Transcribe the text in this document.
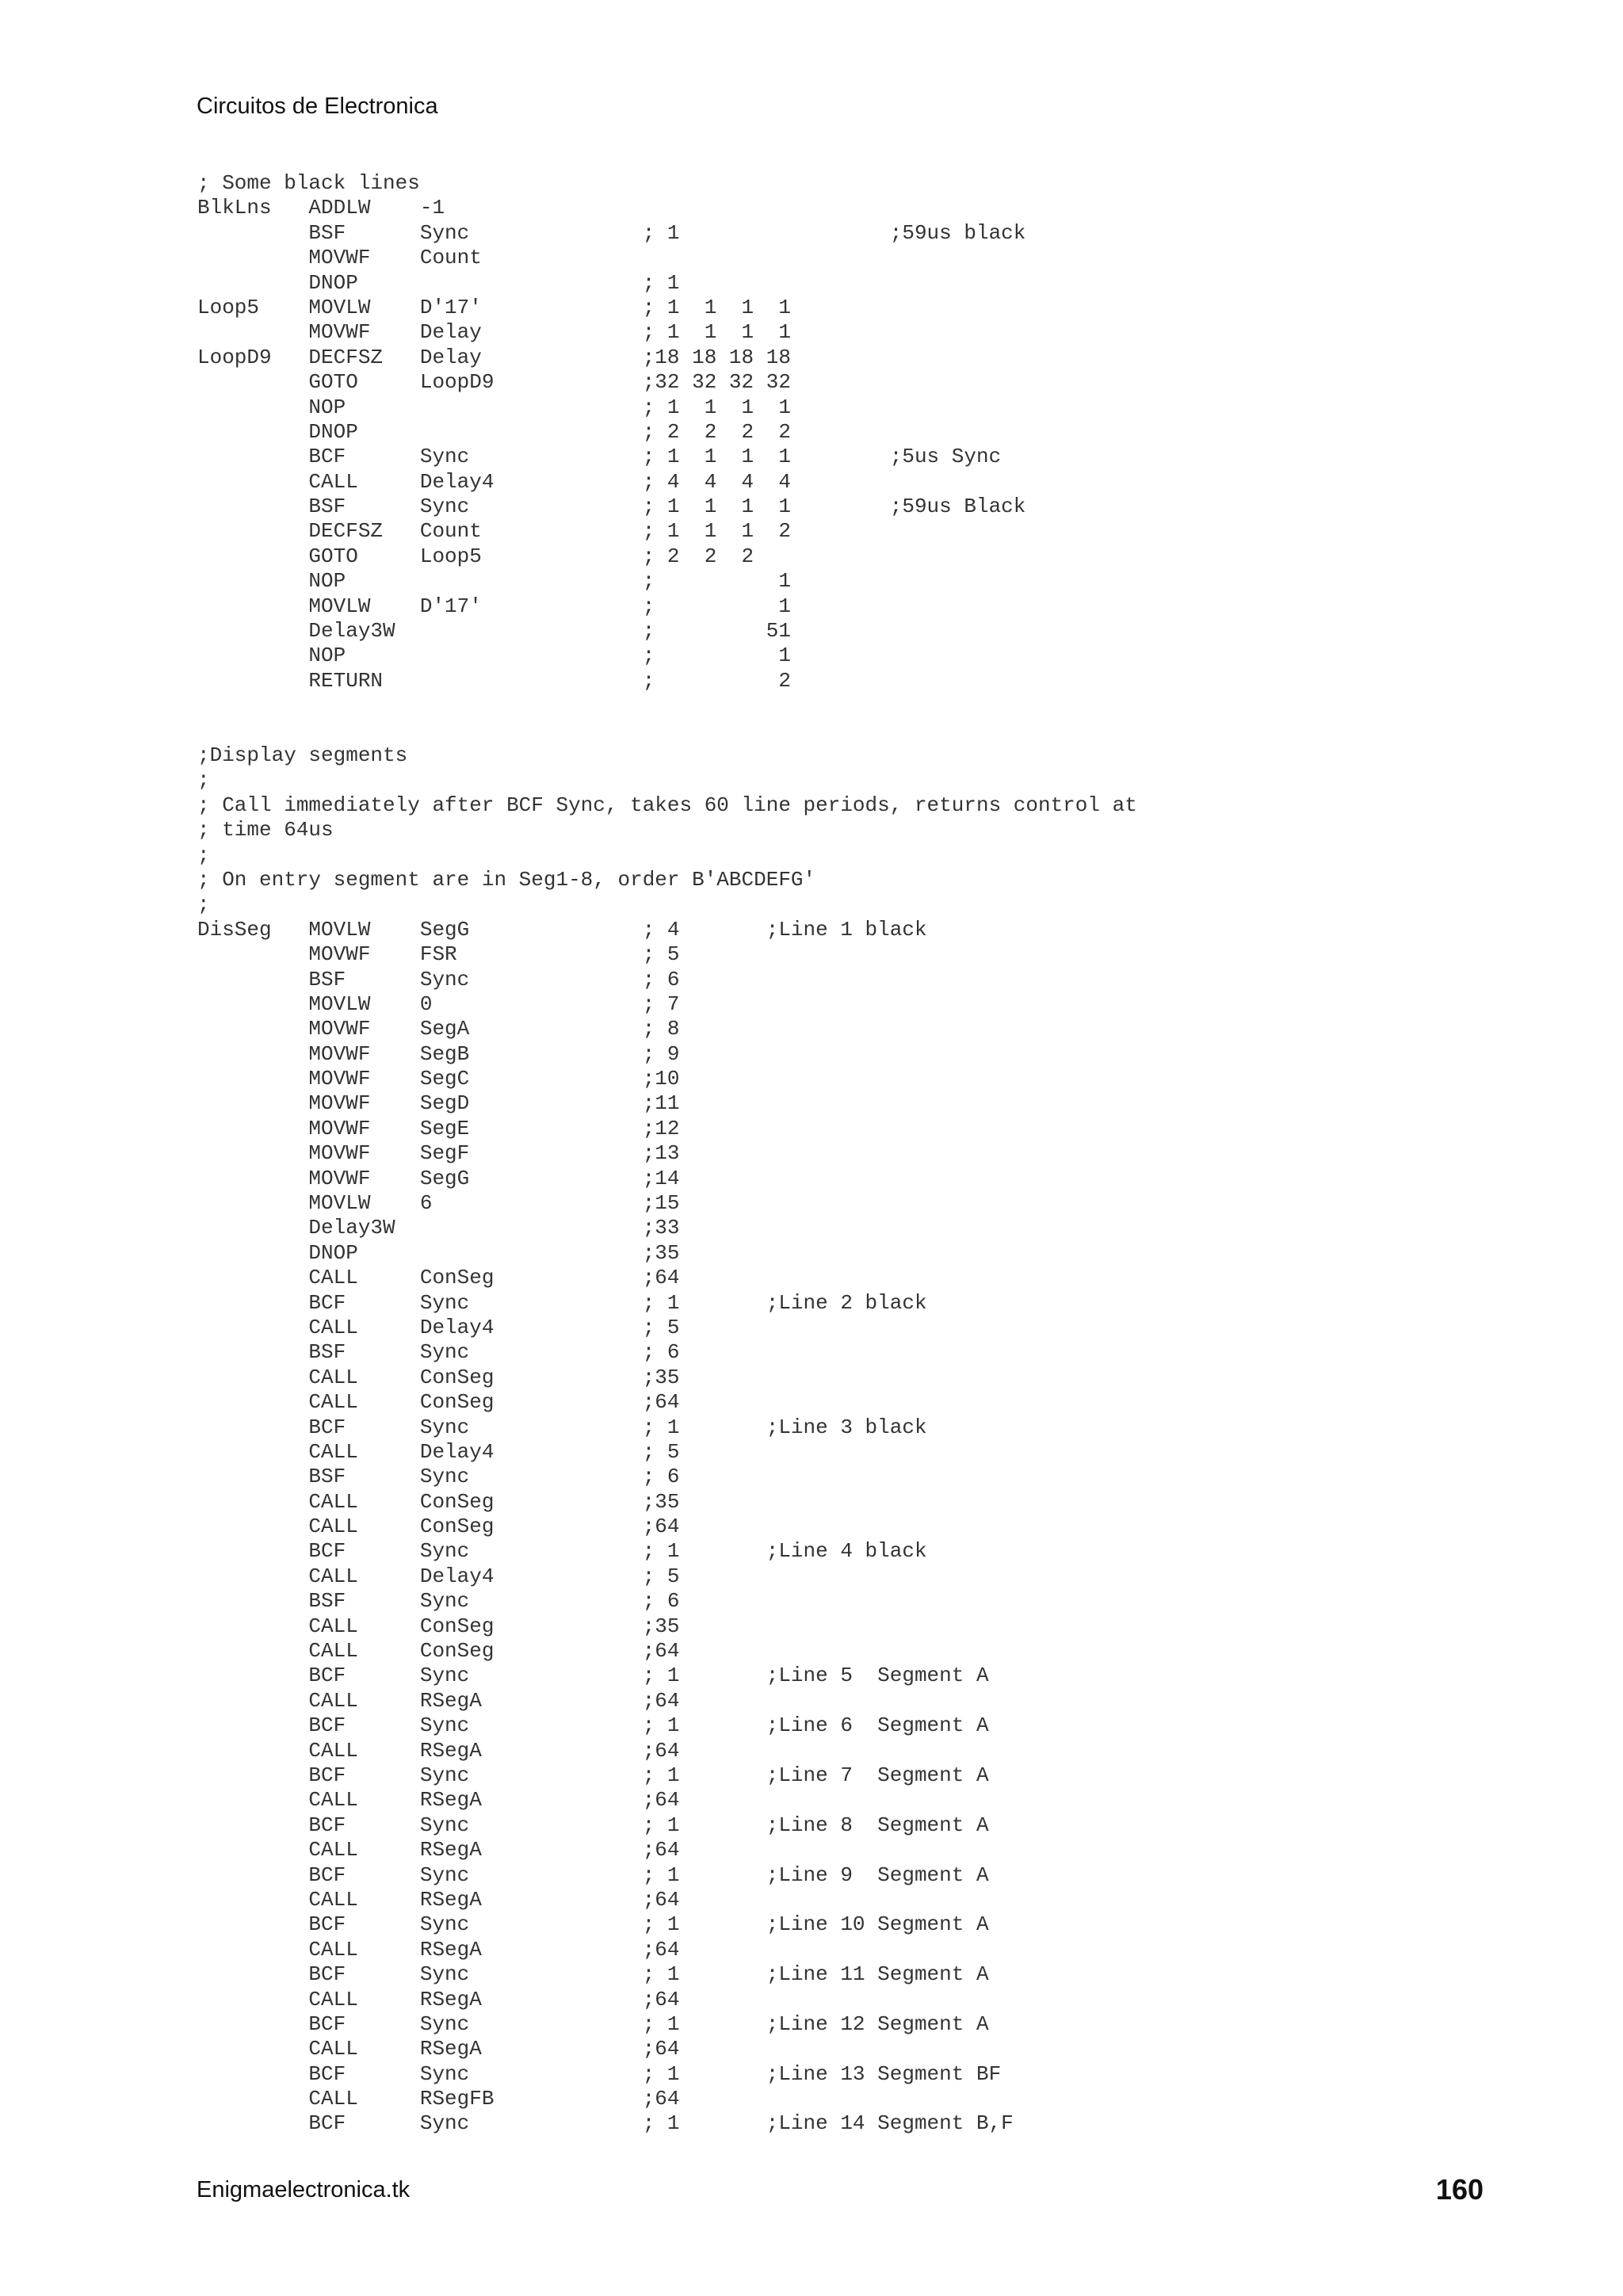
Circuitos de Electronica
; Some black lines
BlkLns   ADDLW    -1
BSF      Sync              ; 1                 ;59us black
MOVWF    Count
DNOP                       ; 1
Loop5    MOVLW    D'17'             ; 1  1  1  1
MOVWF    Delay             ; 1  1  1  1
LoopD9   DECFSZ   Delay             ;18 18 18 18
GOTO     LoopD9            ;32 32 32 32
NOP                        ; 1  1  1  1
DNOP                       ; 2  2  2  2
BCF      Sync              ; 1  1  1  1        ;5us Sync
CALL     Delay4            ; 4  4  4  4
BSF      Sync              ; 1  1  1  1        ;59us Black
DECFSZ   Count             ; 1  1  1  2
GOTO     Loop5             ; 2  2  2
NOP                        ;          1
MOVLW    D'17'             ;          1
Delay3W                    ;         51
NOP                        ;          1
RETURN                     ;          2
;Display segments
;
; Call immediately after BCF Sync, takes 60 line periods, returns control at
; time 64us
;
; On entry segment are in Seg1-8, order B'ABCDEFG'
;
DisSeg   MOVLW    SegG              ; 4       ;Line 1 black
MOVWF    FSR               ; 5
BSF      Sync              ; 6
MOVLW    0                 ; 7
MOVWF    SegA              ; 8
MOVWF    SegB              ; 9
MOVWF    SegC              ;10
MOVWF    SegD              ;11
MOVWF    SegE              ;12
MOVWF    SegF              ;13
MOVWF    SegG              ;14
MOVLW    6                 ;15
Delay3W                    ;33
DNOP                       ;35
CALL     ConSeg            ;64
BCF      Sync              ; 1       ;Line 2 black
CALL     Delay4            ; 5
BSF      Sync              ; 6
CALL     ConSeg            ;35
CALL     ConSeg            ;64
BCF      Sync              ; 1       ;Line 3 black
CALL     Delay4            ; 5
BSF      Sync              ; 6
CALL     ConSeg            ;35
CALL     ConSeg            ;64
BCF      Sync              ; 1       ;Line 4 black
CALL     Delay4            ; 5
BSF      Sync              ; 6
CALL     ConSeg            ;35
CALL     ConSeg            ;64
BCF      Sync              ; 1       ;Line 5  Segment A
CALL     RSegA             ;64
BCF      Sync              ; 1       ;Line 6  Segment A
CALL     RSegA             ;64
BCF      Sync              ; 1       ;Line 7  Segment A
CALL     RSegA             ;64
BCF      Sync              ; 1       ;Line 8  Segment A
CALL     RSegA             ;64
BCF      Sync              ; 1       ;Line 9  Segment A
CALL     RSegA             ;64
BCF      Sync              ; 1       ;Line 10 Segment A
CALL     RSegA             ;64
BCF      Sync              ; 1       ;Line 11 Segment A
CALL     RSegA             ;64
BCF      Sync              ; 1       ;Line 12 Segment A
CALL     RSegA             ;64
BCF      Sync              ; 1       ;Line 13 Segment BF
CALL     RSegFB            ;64
BCF      Sync              ; 1       ;Line 14 Segment B,F
Enigmaelectronica.tk	160
